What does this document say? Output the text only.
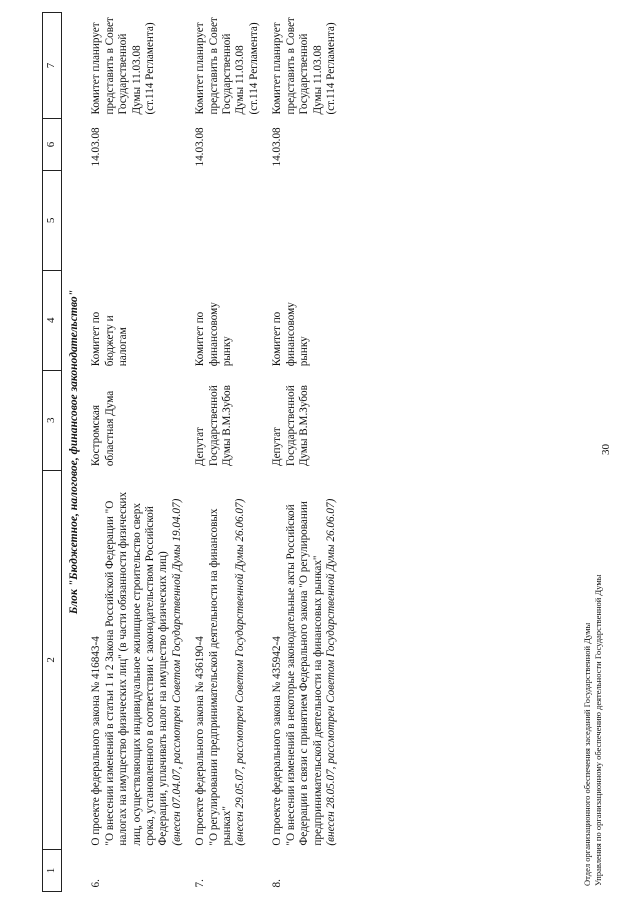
30
1	2	3	4	5	6	7
Блок "Бюджетное, налоговое, финансовое законодательство"						
6.	О проекте федерального закона № 416843-4
"О внесении изменений в статьи 1 и 2 Закона Российской Федерации "О налогах на имущество физических лиц" (в части обязанности физических лиц, осуществляющих индивидуальное жилищное строительство сверх срока, установленного в соответствии с законодательством Российской Федерации, уплачивать налог на имущество физических лиц)
(внесен 07.04.07, рассмотрен Советом Государственной Думы 19.04.07)	Костромская областная Дума	Комитет по бюджету и налогам		14.03.08	Комитет планирует представить в Совет Государственной Думы 11.03.08 (ст.114 Регламента)
7.	О проекте федерального закона № 436190-4
"О регулировании предпринимательской деятельности на финансовых рынках"
(внесен 29.05.07, рассмотрен Советом Государственной Думы 26.06.07)	Депутат Государственной Думы В.М.Зубов	Комитет по финансовому рынку		14.03.08	Комитет планирует представить в Совет Государственной Думы 11.03.08 (ст.114 Регламента)
8.	О проекте федерального закона № 435942-4
"О внесении изменений в некоторые законодательные акты Российской Федерации в связи с принятием Федерального закона "О регулировании предпринимательской деятельности на финансовых рынках"
(внесен 28.05.07, рассмотрен Советом Государственной Думы 26.06.07)	Депутат Государственной Думы В.М.Зубов	Комитет по финансовому рынку		14.03.08	Комитет планирует представить в Совет Государственной Думы 11.03.08 (ст.114 Регламента)
Отдел организационного обеспечения заседаний Государственной Думы Управления по организационному обеспечению деятельности Государственной Думы
